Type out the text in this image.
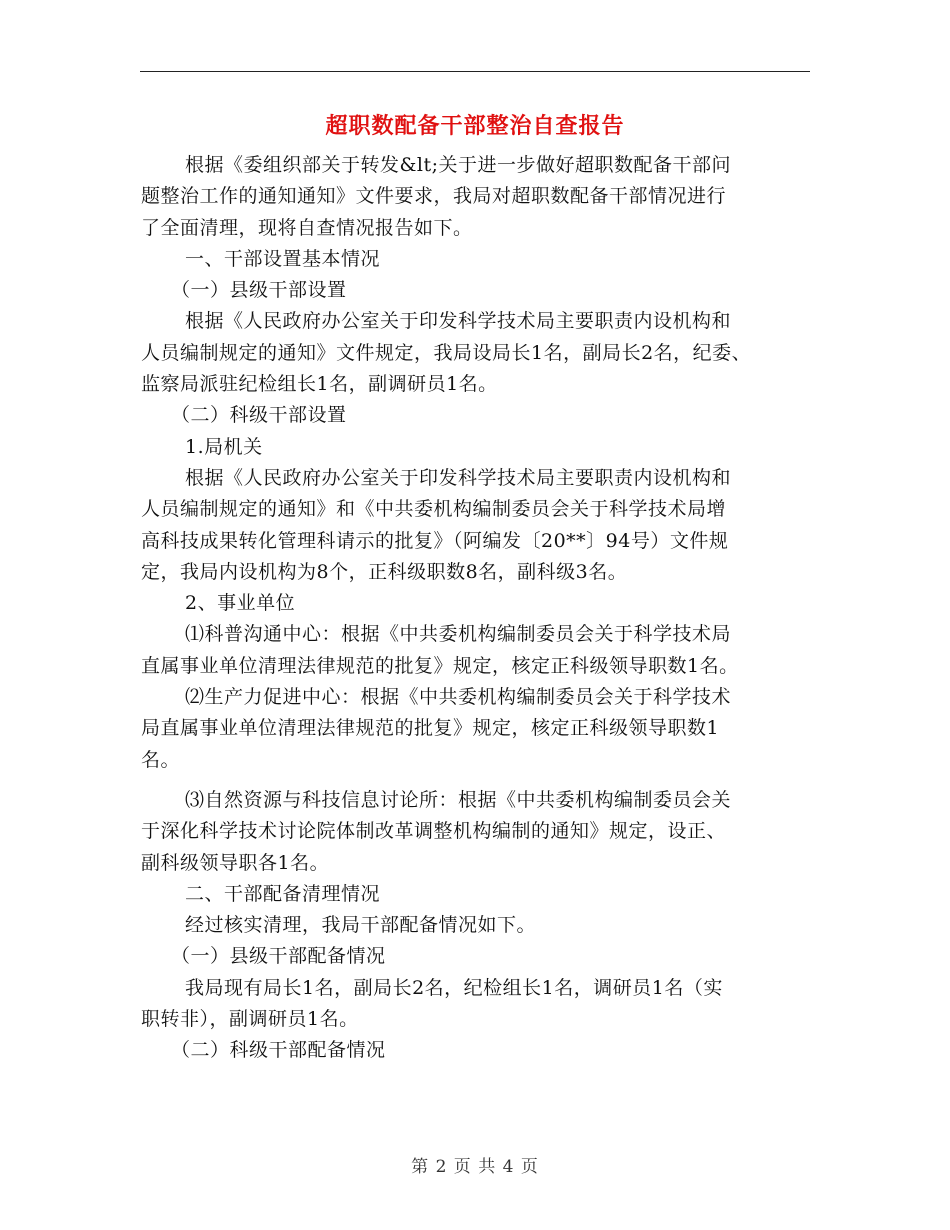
超职数配备干部整治自查报告
根据《委组织部关于转发&lt;关于进一步做好超职数配备干部问
题整治工作的通知通知》文件要求，我局对超职数配备干部情况进行
了全面清理，现将自查情况报告如下。
一、干部设置基本情况
（一）县级干部设置
根据《人民政府办公室关于印发科学技术局主要职责内设机构和
人员编制规定的通知》文件规定，我局设局长1名，副局长2名，纪委、
监察局派驻纪检组长1名，副调研员1名。
（二）科级干部设置
1.局机关
根据《人民政府办公室关于印发科学技术局主要职责内设机构和
人员编制规定的通知》和《中共委机构编制委员会关于科学技术局增
高科技成果转化管理科请示的批复》（阿编发〔20**〕94号）文件规
定，我局内设机构为8个，正科级职数8名，副科级3名。
2、事业单位
⑴科普沟通中心：根据《中共委机构编制委员会关于科学技术局
直属事业单位清理法律规范的批复》规定，核定正科级领导职数1名。
⑵生产力促进中心：根据《中共委机构编制委员会关于科学技术
局直属事业单位清理法律规范的批复》规定，核定正科级领导职数1
名。
⑶自然资源与科技信息讨论所：根据《中共委机构编制委员会关
于深化科学技术讨论院体制改革调整机构编制的通知》规定，设正、
副科级领导职各1名。
二、干部配备清理情况
经过核实清理，我局干部配备情况如下。
（一）县级干部配备情况
我局现有局长1名，副局长2名，纪检组长1名，调研员1名（实
职转非），副调研员1名。
（二）科级干部配备情况
第 2 页 共 4 页
